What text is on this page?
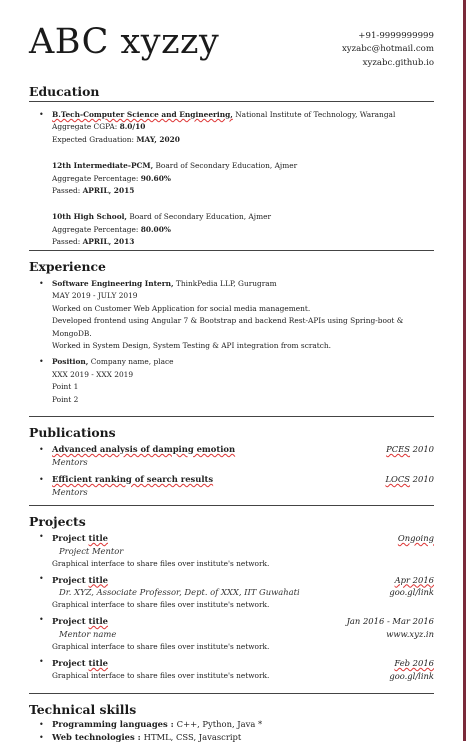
ABC xyzzy	+91-9999999999
xyzabc@hotmail.com
xyzabc.github.io
Education
• B.Tech-Computer Science and Engineering, National Institute of Technology, Warangal
Aggregate CGPA: 8.0/10
Expected Graduation: MAY, 2020
12th Intermediate-PCM, Board of Secondary Education, Ajmer
Aggregate Percentage: 90.60%
Passed: APRIL, 2015
10th High School, Board of Secondary Education, Ajmer
Aggregate Percentage: 80.00%
Passed: APRIL, 2013
Experience
• Software Engineering Intern, ThinkPedia LLP, Gurugram
MAY 2019 - JULY 2019
Worked on Customer Web Application for social media management.
Developed frontend using Angular 7 & Bootstrap and backend Rest-APIs using Spring-boot &
MongoDB.
Worked in System Design, System Testing & API integration from scratch.
• Position, Company name, place
XXX 2019 - XXX 2019
Point 1
Point 2
Publications
• Advanced analysis of damping emotion	PCES 2010
Mentors
• Efficient ranking of search results	LOCS 2010
Mentors
Projects
• Project title	Ongoing
Project Mentor
Graphical interface to share files over institute's network.
• Project title	Apr 2016
Dr. XYZ, Associate Professor, Dept. of XXX, IIT Guwahati	goo.gl/link
Graphical interface to share files over institute's network.
• Project title	Jan 2016 - Mar 2016
Mentor name	www.xyz.in
Graphical interface to share files over institute's network.
• Project title	Feb 2016
Graphical interface to share files over institute's network.	goo.gl/link
Technical skills
• Programming languages : C++, Python, Java *
• Web technologies : HTML, CSS, Javascript
